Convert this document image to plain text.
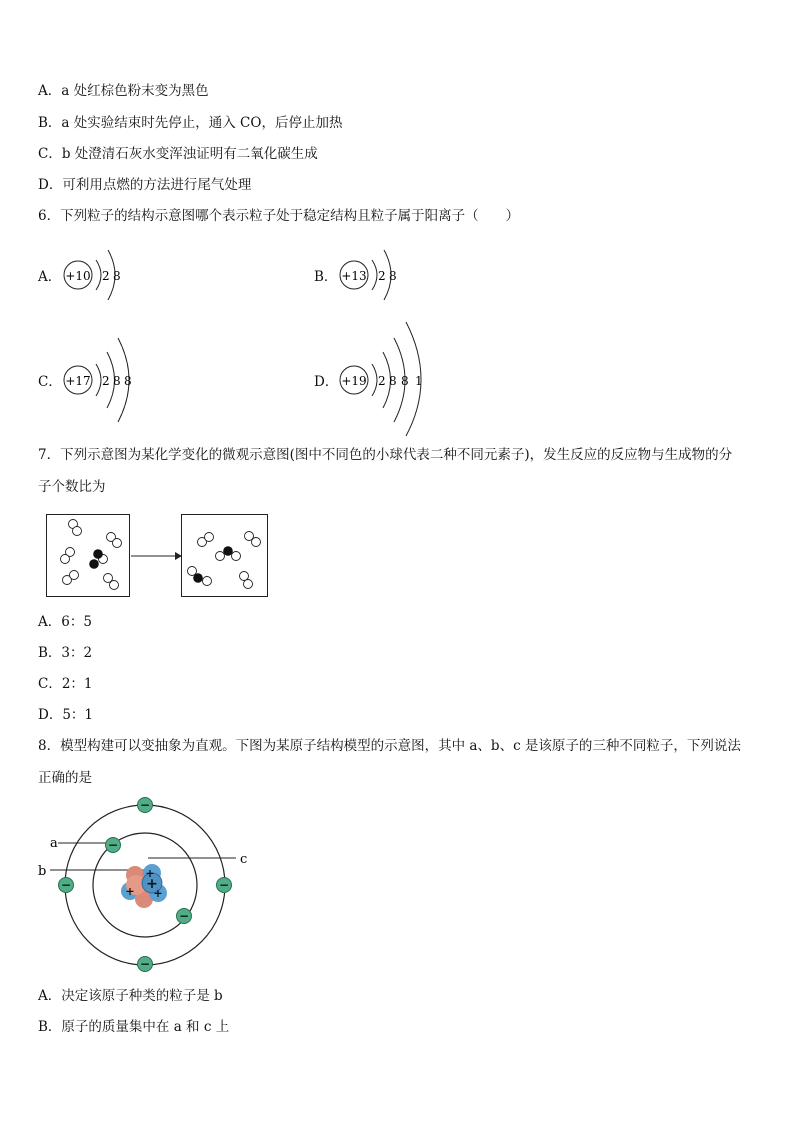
A．a 处红棕色粉末变为黑色
B．a 处实验结束时先停止，通入 CO，后停止加热
C．b 处澄清石灰水变浑浊证明有二氧化碳生成
D．可利用点燃的方法进行尾气处理
6．下列粒子的结构示意图哪个表示粒子处于稳定结构且粒子属于阳离子（　　）
A． +10 2 8	B． +13 2 8
C． +17 2 8 8	D． +19 2 8 8 1
7．下列示意图为某化学变化的微观示意图(图中不同色的小球代表二种不同元素子)，发生反应的反应物与生成物的分
子个数比为
A．6：5
B．3：2
C．2：1
D．5：1
8．模型构建可以变抽象为直观。下图为某原子结构模型的示意图，其中 a、b、c 是该原子的三种不同粒子，下列说法
正确的是
a
b
c
+
+
+
+
−
−	−
−
−
−
A．决定该原子种类的粒子是 b
B．原子的质量集中在 a 和 c 上
